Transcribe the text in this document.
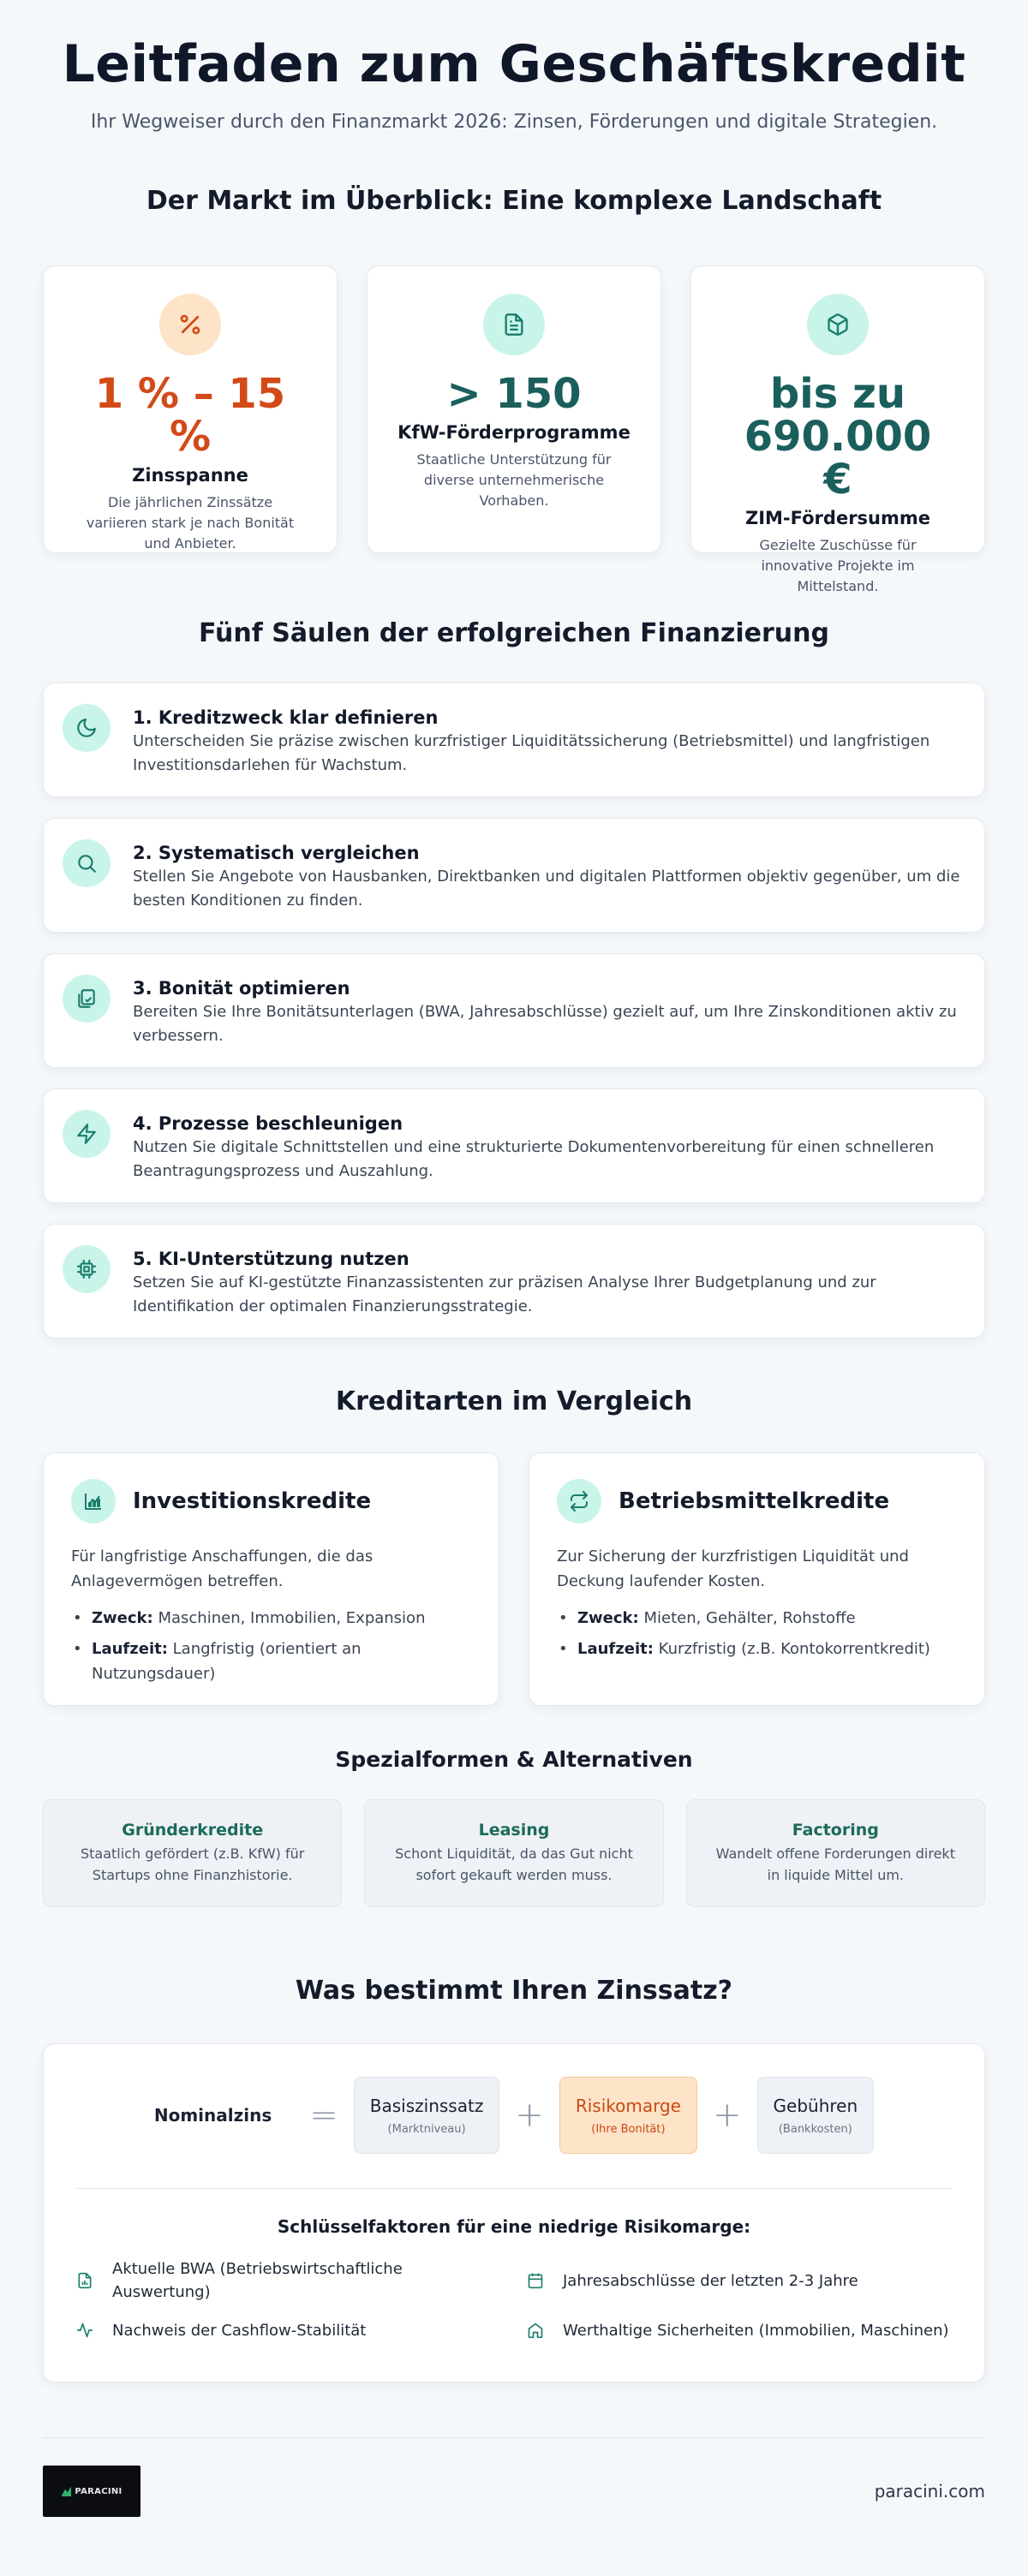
Leitfaden zum Geschäftskredit

Ihr Wegweiser durch den Finanzmarkt 2026: Zinsen, Förderungen und digitale Strategien.

Der Markt im Überblick: Eine komplexe Landschaft
1 % – 15 %
Zinsspanne
Die jährlichen Zinssätze variieren stark je nach Bonität und Anbieter.
> 150
KfW-Förderprogramme
Staatliche Unterstützung für diverse unternehmerische Vorhaben.
bis zu 690.000 €
ZIM-Fördersumme
Gezielte Zuschüsse für innovative Projekte im Mittelstand.
Fünf Säulen der erfolgreichen Finanzierung
1. Kreditzweck klar definieren
Unterscheiden Sie präzise zwischen kurzfristiger Liquiditätssicherung (Betriebsmittel) und langfristigen Investitionsdarlehen für Wachstum.
2. Systematisch vergleichen
Stellen Sie Angebote von Hausbanken, Direktbanken und digitalen Plattformen objektiv gegenüber, um die besten Konditionen zu finden.
3. Bonität optimieren
Bereiten Sie Ihre Bonitätsunterlagen (BWA, Jahresabschlüsse) gezielt auf, um Ihre Zinskonditionen aktiv zu verbessern.
4. Prozesse beschleunigen
Nutzen Sie digitale Schnittstellen und eine strukturierte Dokumentenvorbereitung für einen schnelleren Beantragungsprozess und Auszahlung.
5. KI-Unterstützung nutzen
Setzen Sie auf KI-gestützte Finanzassistenten zur präzisen Analyse Ihrer Budgetplanung und zur Identifikation der optimalen Finanzierungsstrategie.
Kreditarten im Vergleich
Investitionskredite
Für langfristige Anschaffungen, die das Anlagevermögen betreffen.
• Zweck: Maschinen, Immobilien, Expansion
• Laufzeit: Langfristig (orientiert an Nutzungsdauer)
Betriebsmittelkredite
Zur Sicherung der kurzfristigen Liquidität und Deckung laufender Kosten.
• Zweck: Mieten, Gehälter, Rohstoffe
• Laufzeit: Kurzfristig (z.B. Kontokorrentkredit)
Spezialformen & Alternativen
Gründerkredite
Staatlich gefördert (z.B. KfW) für Startups ohne Finanzhistorie.
Leasing
Schont Liquidität, da das Gut nicht sofort gekauft werden muss.
Factoring
Wandelt offene Forderungen direkt in liquide Mittel um.
Was bestimmt Ihren Zinssatz?
Nominalzins = Basiszinssatz
(Marktniveau) + Risikomarge
(Ihre Bonität) + Gebühren
(Bankkosten)
Schlüsselfaktoren für eine niedrige Risikomarge:
Aktuelle BWA (Betriebswirtschaftliche Auswertung)
Jahresabschlüsse der letzten 2-3 Jahre
Nachweis der Cashflow-Stabilität	Werthaltige Sicherheiten (Immobilien, Maschinen)
PARACINI	paracini.com
